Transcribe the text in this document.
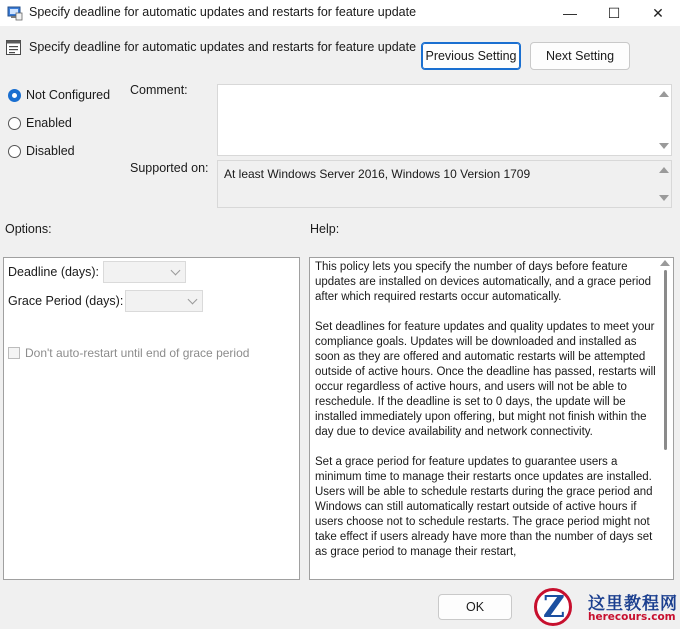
Specify deadline for automatic updates and restarts for feature update	—	☐	✕
Specify deadline for automatic updates and restarts for feature update
Previous Setting	Next Setting
Not Configured
Enabled
Disabled
Comment:
Supported on: At least Windows Server 2016, Windows 10 Version 1709
Options:	Help:
Deadline (days):
Grace Period (days):
Don't auto-restart until end of grace period

This policy lets you specify the number of days before feature updates are installed on devices automatically, and a grace period after which required restarts occur automatically.

Set deadlines for feature updates and quality updates to meet your compliance goals. Updates will be downloaded and installed as soon as they are offered and automatic restarts will be attempted outside of active hours. Once the deadline has passed, restarts will occur regardless of active hours, and users will not be able to reschedule. If the deadline is set to 0 days, the update will be installed immediately upon offering, but might not finish within the day due to device availability and network connectivity.

Set a grace period for feature updates to guarantee users a minimum time to manage their restarts once updates are installed. Users will be able to schedule restarts during the grace period and Windows can still automatically restart outside of active hours if users choose not to schedule restarts. The grace period might not take effect if users already have more than the number of days set as grace period to manage their restart,

OK
Z	这里教程网
herecours.com
